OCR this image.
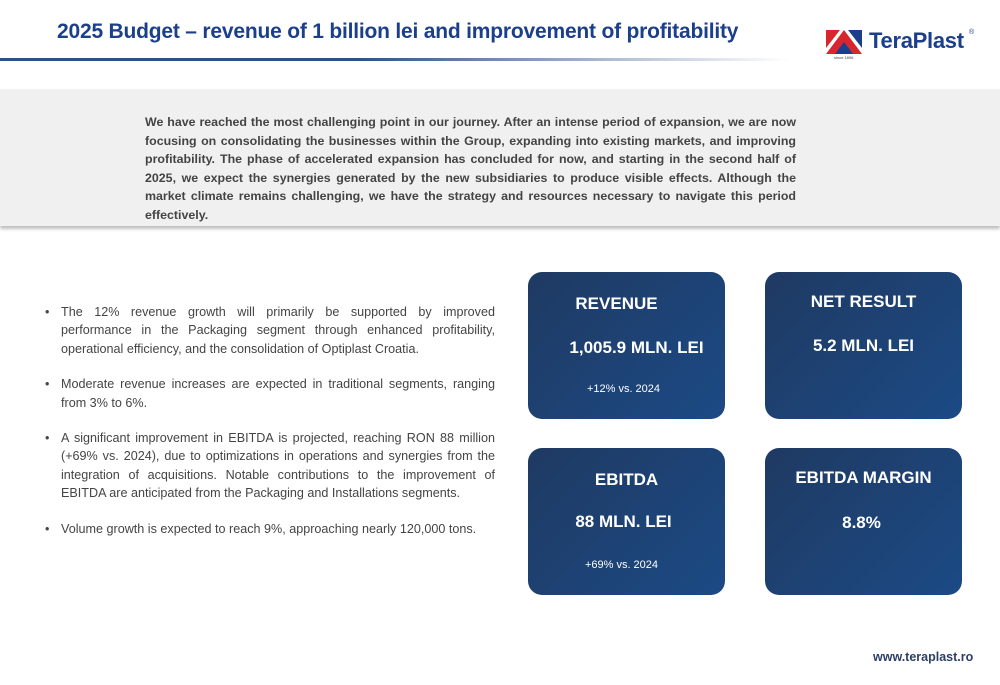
2025 Budget – revenue of 1 billion lei and improvement of profitability	TeraPlast ®
since 1896

We have reached the most challenging point in our journey. After an intense period of expansion, we are now focusing on consolidating the businesses within the Group, expanding into existing markets, and improving profitability. The phase of accelerated expansion has concluded for now, and starting in the second half of 2025, we expect the synergies generated by the new subsidiaries to produce visible effects. Although the market climate remains challenging, we have the strategy and resources necessary to navigate this period effectively.

• The 12% revenue growth will primarily be supported by improved performance in the Packaging segment through enhanced profitability, operational efficiency, and the consolidation of Optiplast Croatia.
• Moderate revenue increases are expected in traditional segments, ranging from 3% to 6%.
• A significant improvement in EBITDA is projected, reaching RON 88 million (+69% vs. 2024), due to optimizations in operations and synergies from the integration of acquisitions. Notable contributions to the improvement of EBITDA are anticipated from the Packaging and Installations segments.
• Volume growth is expected to reach 9%, approaching nearly 120,000 tons.
REVENUE
1,005.9 MLN. LEI
+12% vs. 2024
NET RESULT
5.2 MLN. LEI
EBITDA
88 MLN. LEI
+69% vs. 2024
EBITDA MARGIN
8.8%
www.teraplast.ro
